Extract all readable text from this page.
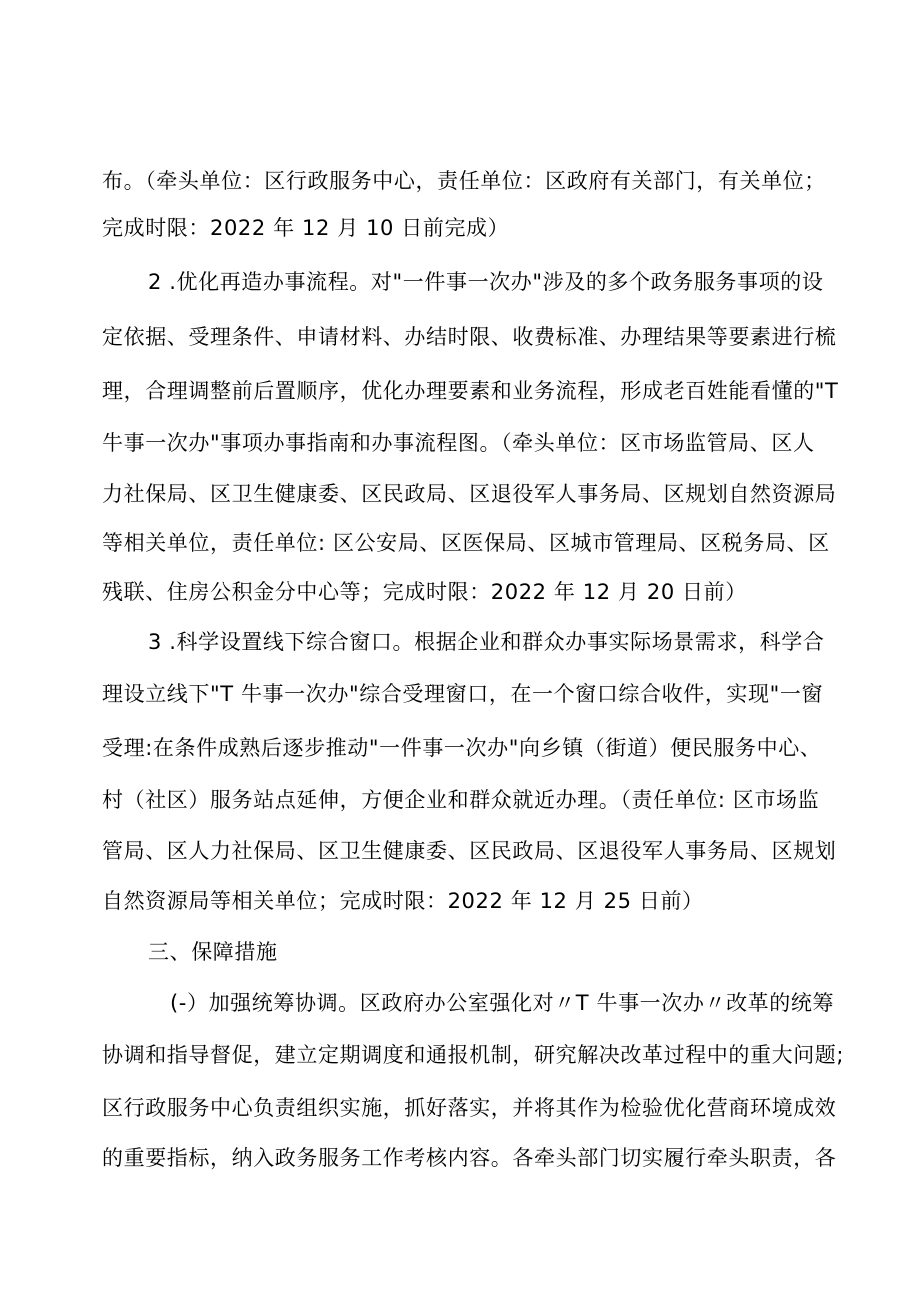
布。（牵头单位：区行政服务中心，责任单位：区政府有关部门，有关单位；
完成时限：2022 年 12 月 10 日前完成）
2 .优化再造办事流程。对"一件事一次办"涉及的多个政务服务事项的设
定依据、受理条件、申请材料、办结时限、收费标准、办理结果等要素进行梳
理，合理调整前后置顺序，优化办理要素和业务流程，形成老百姓能看懂的"T
牛事一次办"事项办事指南和办事流程图。（牵头单位：区市场监管局、区人
力社保局、区卫生健康委、区民政局、区退役军人事务局、区规划自然资源局
等相关单位，责任单位: 区公安局、区医保局、区城市管理局、区税务局、区
残联、住房公积金分中心等；完成时限：2022 年 12 月 20 日前）
3 .科学设置线下综合窗口。根据企业和群众办事实际场景需求，科学合
理设立线下"T 牛事一次办"综合受理窗口，在一个窗口综合收件，实现"一窗
受理:在条件成熟后逐步推动"一件事一次办"向乡镇（街道）便民服务中心、
村（社区）服务站点延伸，方便企业和群众就近办理。（责任单位: 区市场监
管局、区人力社保局、区卫生健康委、区民政局、区退役军人事务局、区规划
自然资源局等相关单位；完成时限：2022 年 12 月 25 日前）
三、保障措施
(-）加强统筹协调。区政府办公室强化对〃T 牛事一次办〃改革的统筹
协调和指导督促，建立定期调度和通报机制，研究解决改革过程中的重大问题;
区行政服务中心负责组织实施，抓好落实，并将其作为检验优化营商环境成效
的重要指标，纳入政务服务工作考核内容。各牵头部门切实履行牵头职责，各
